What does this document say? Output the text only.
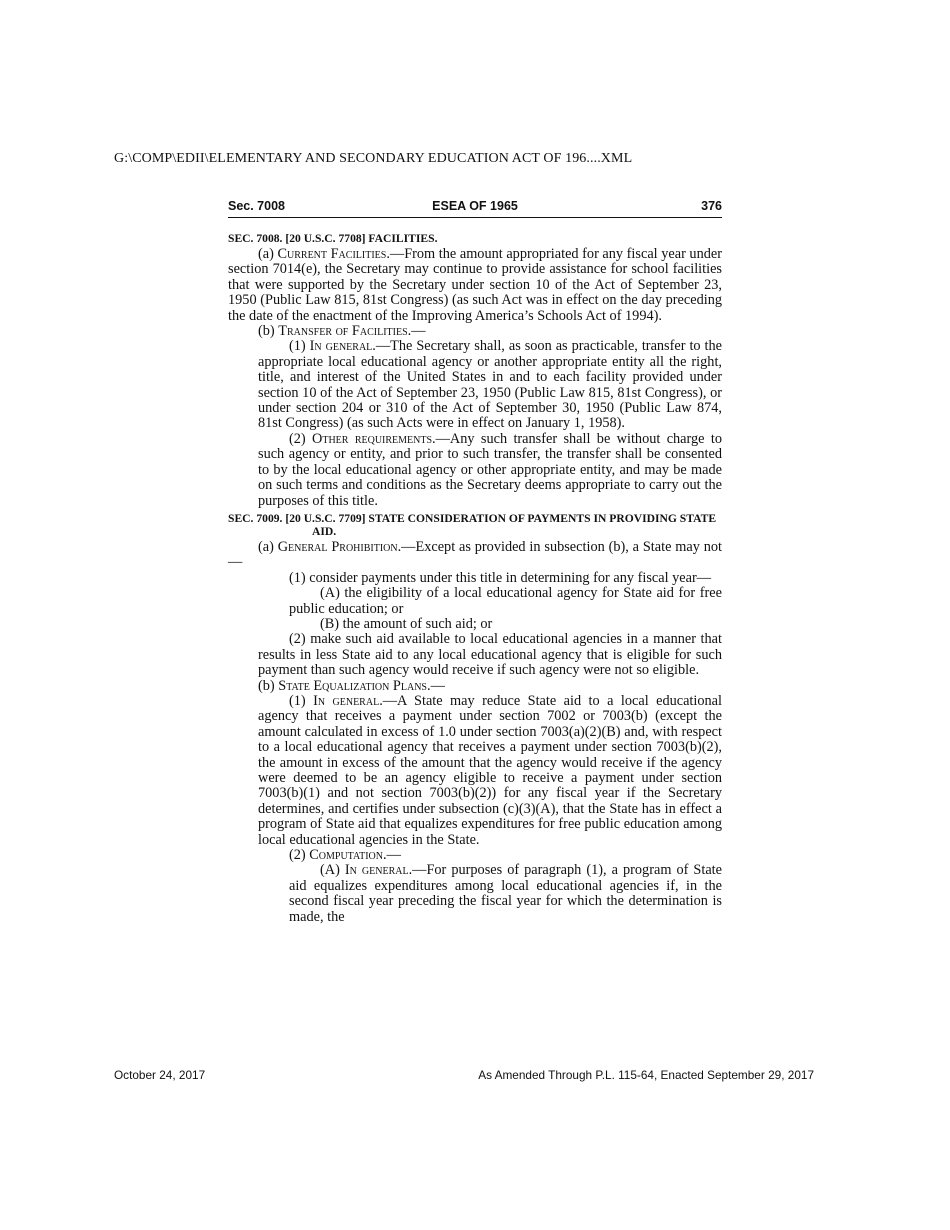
G:\COMP\EDII\ELEMENTARY AND SECONDARY EDUCATION ACT OF 196....XML
Sec. 7008	ESEA OF 1965	376
SEC. 7008. [20 U.S.C. 7708] FACILITIES.
(a) Current Facilities.—From the amount appropriated for any fiscal year under section 7014(e), the Secretary may continue to provide assistance for school facilities that were supported by the Secretary under section 10 of the Act of September 23, 1950 (Public Law 815, 81st Congress) (as such Act was in effect on the day preceding the date of the enactment of the Improving America’s Schools Act of 1994).
(b) Transfer of Facilities.—
(1) In general.—The Secretary shall, as soon as practicable, transfer to the appropriate local educational agency or another appropriate entity all the right, title, and interest of the United States in and to each facility provided under section 10 of the Act of September 23, 1950 (Public Law 815, 81st Congress), or under section 204 or 310 of the Act of September 30, 1950 (Public Law 874, 81st Congress) (as such Acts were in effect on January 1, 1958).
(2) Other requirements.—Any such transfer shall be without charge to such agency or entity, and prior to such transfer, the transfer shall be consented to by the local educational agency or other appropriate entity, and may be made on such terms and conditions as the Secretary deems appropriate to carry out the purposes of this title.
SEC. 7009. [20 U.S.C. 7709] STATE CONSIDERATION OF PAYMENTS IN PROVIDING STATE AID.
(a) General Prohibition.—Except as provided in subsection (b), a State may not—
(1) consider payments under this title in determining for any fiscal year—
(A) the eligibility of a local educational agency for State aid for free public education; or
(B) the amount of such aid; or
(2) make such aid available to local educational agencies in a manner that results in less State aid to any local educational agency that is eligible for such payment than such agency would receive if such agency were not so eligible.
(b) State Equalization Plans.—
(1) In general.—A State may reduce State aid to a local educational agency that receives a payment under section 7002 or 7003(b) (except the amount calculated in excess of 1.0 under section 7003(a)(2)(B) and, with respect to a local educational agency that receives a payment under section 7003(b)(2), the amount in excess of the amount that the agency would receive if the agency were deemed to be an agency eligible to receive a payment under section 7003(b)(1) and not section 7003(b)(2)) for any fiscal year if the Secretary determines, and certifies under subsection (c)(3)(A), that the State has in effect a program of State aid that equalizes expenditures for free public education among local educational agencies in the State.
(2) Computation.—
(A) In general.—For purposes of paragraph (1), a program of State aid equalizes expenditures among local educational agencies if, in the second fiscal year preceding the fiscal year for which the determination is made, the
October 24, 2017	As Amended Through P.L. 115-64, Enacted September 29, 2017
